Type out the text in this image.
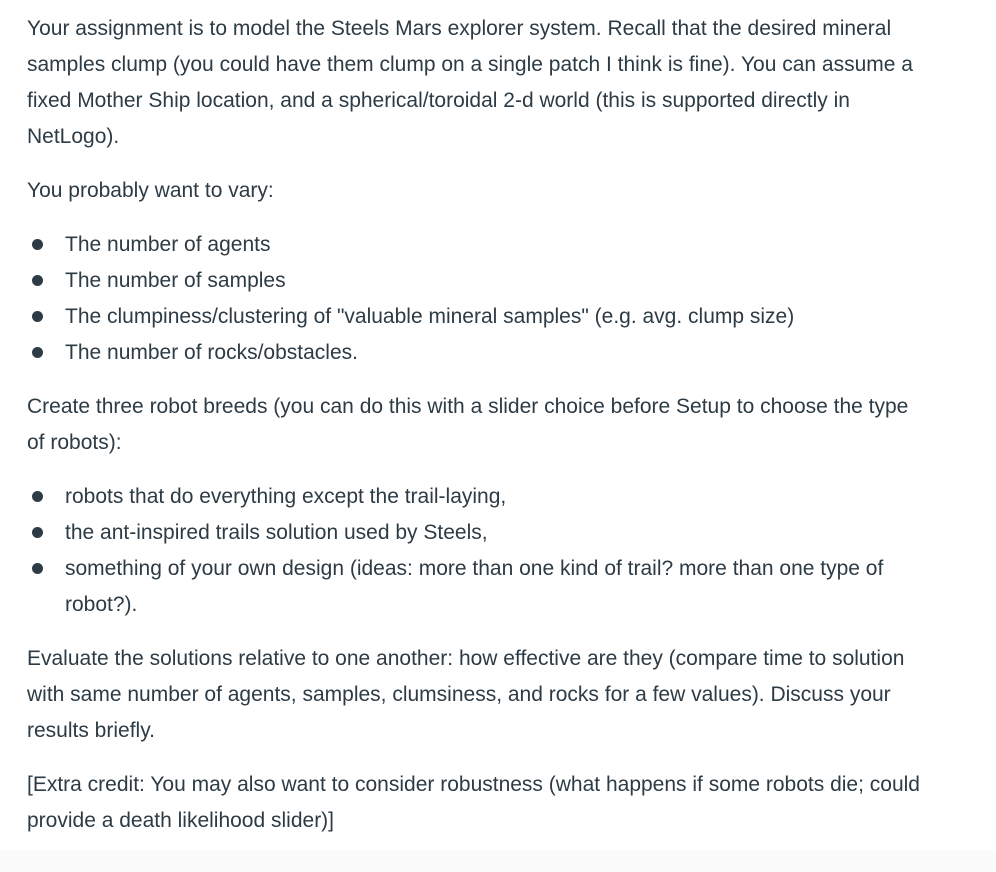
Your assignment is to model the Steels Mars explorer system. Recall that the desired mineral samples clump (you could have them clump on a single patch I think is fine). You can assume a fixed Mother Ship location, and a spherical/toroidal 2-d world (this is supported directly in NetLogo).

You probably want to vary:

The number of agents
The number of samples
The clumpiness/clustering of "valuable mineral samples" (e.g. avg. clump size)
The number of rocks/obstacles.

Create three robot breeds (you can do this with a slider choice before Setup to choose the type of robots):

robots that do everything except the trail-laying,
the ant-inspired trails solution used by Steels,
something of your own design (ideas: more than one kind of trail? more than one type of robot?).

Evaluate the solutions relative to one another: how effective are they (compare time to solution with same number of agents, samples, clumsiness, and rocks for a few values). Discuss your results briefly.

[Extra credit: You may also want to consider robustness (what happens if some robots die; could provide a death likelihood slider)]
